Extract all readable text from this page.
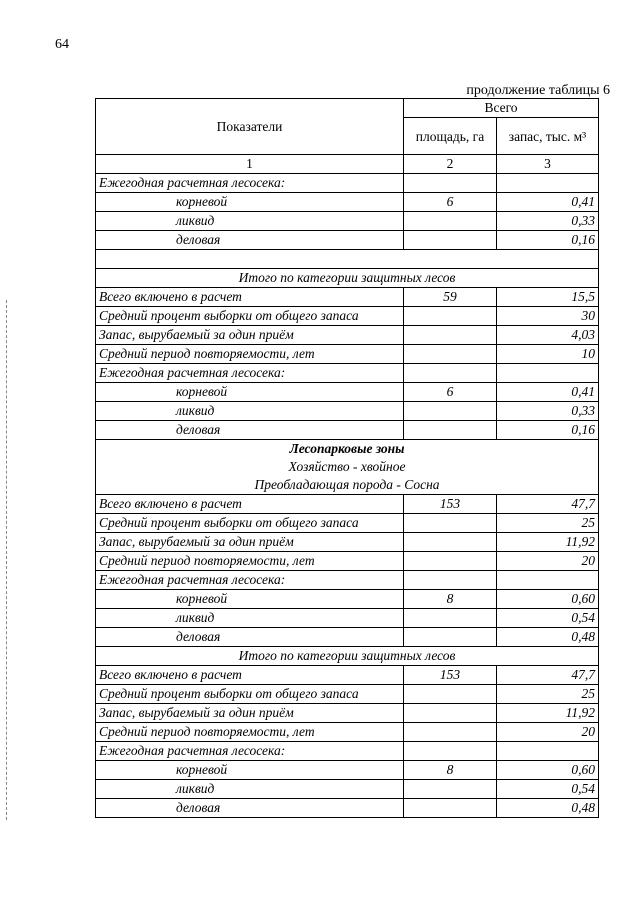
64
продолжение таблицы 6
Показатели	Всего	
	площадь, га	запас, тыс. м³
1	2	3
Ежегодная расчетная лесосека:		
корневой	6	0,41
ликвид		0,33
деловая		0,16

Итого по категории защитных лесов		

Всего включено в расчет	59	15,5
Средний процент выборки от общего запаса		30
Запас, вырубаемый за один приём		4,03
Средний период повторяемости, лет		10
Ежегодная расчетная лесосека:		
корневой	6	0,41
ликвид		0,33
деловая		0,16

Лесопарковые зоны
Хозяйство - хвойное
Преобладающая порода - Сосна		

Всего включено в расчет	153	47,7
Средний процент выборки от общего запаса		25
Запас, вырубаемый за один приём		11,92
Средний период повторяемости, лет		20
Ежегодная расчетная лесосека:		
корневой	8	0,60
ликвид		0,54
деловая		0,48

Итого по категории защитных лесов		

Всего включено в расчет	153	47,7
Средний процент выборки от общего запаса		25
Запас, вырубаемый за один приём		11,92
Средний период повторяемости, лет		20
Ежегодная расчетная лесосека:		
корневой	8	0,60
ликвид		0,54
деловая		0,48
